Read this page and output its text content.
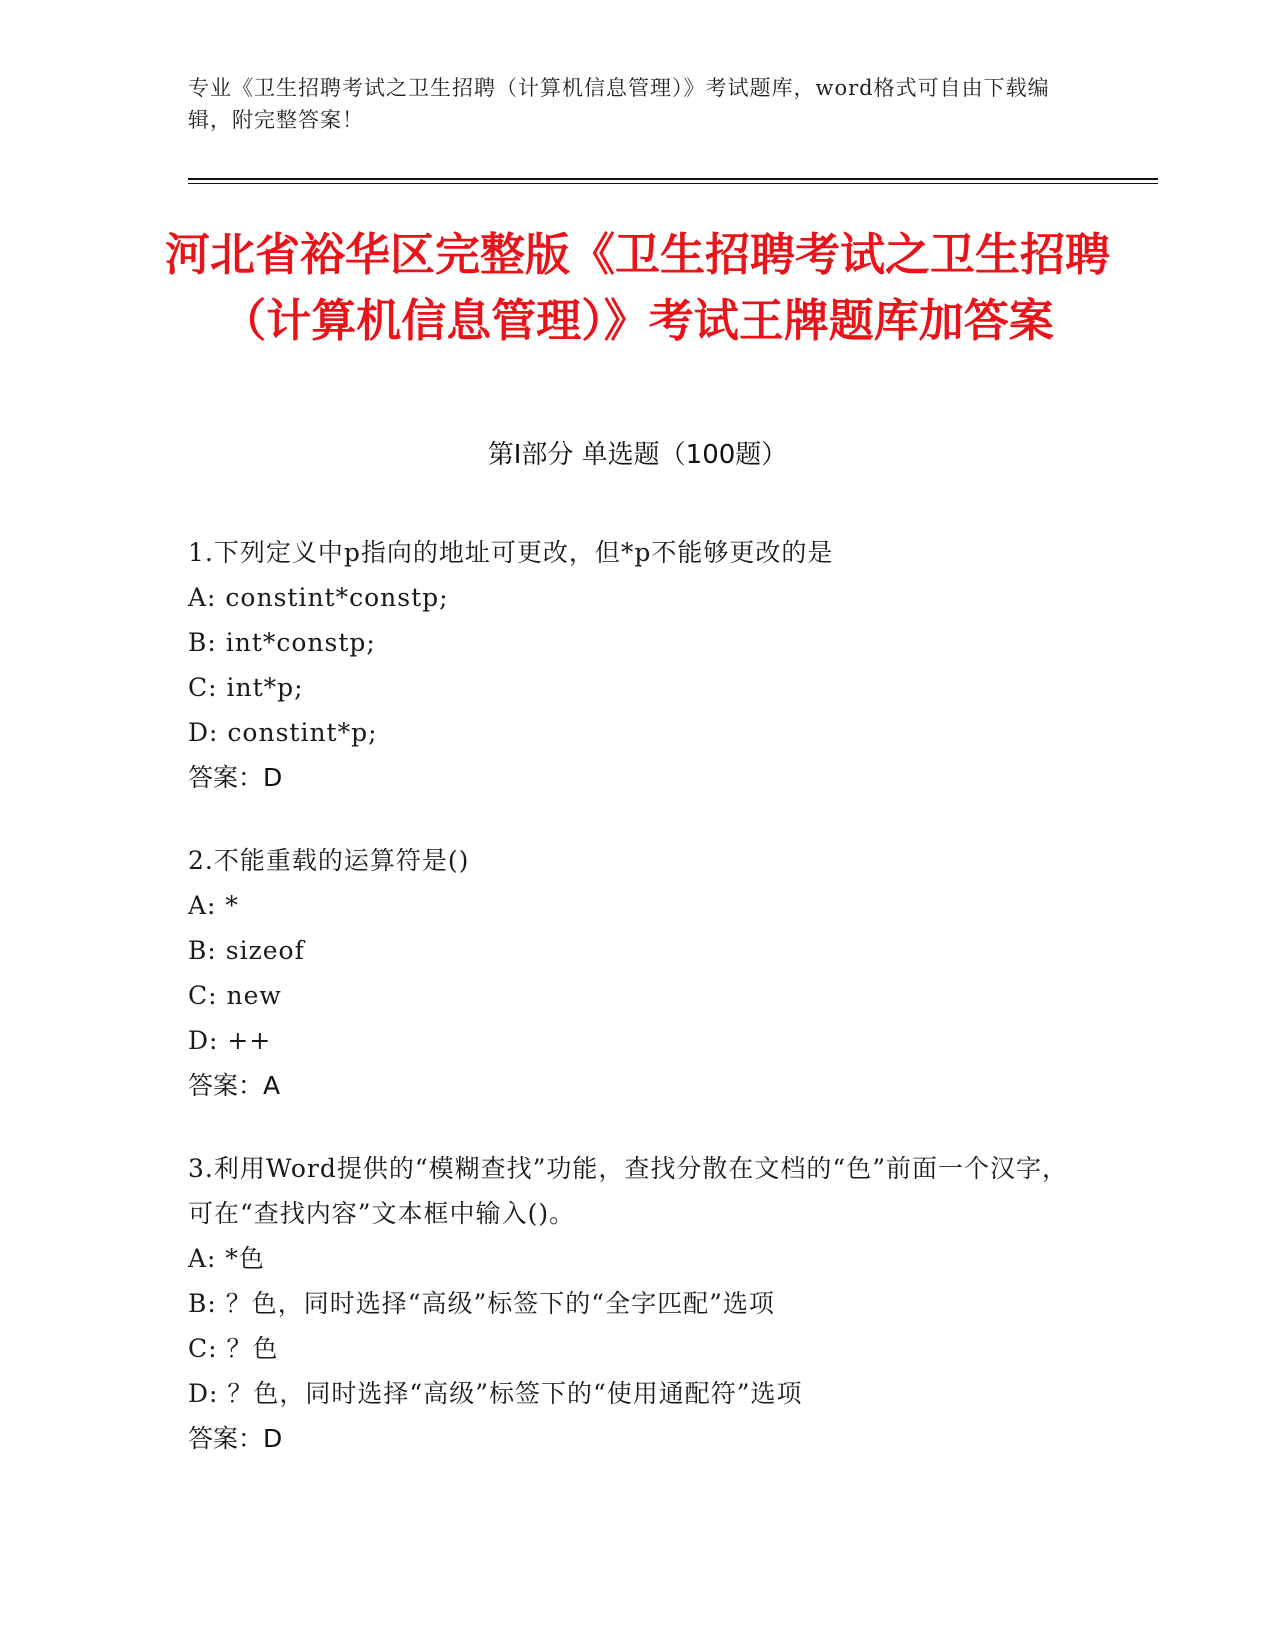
专业《卫生招聘考试之卫生招聘（计算机信息管理）》考试题库，word格式可自由下载编辑，附完整答案！
河北省裕华区完整版《卫生招聘考试之卫生招聘（计算机信息管理）》考试王牌题库加答案
第Ⅰ部分 单选题（100题）
1.下列定义中p指向的地址可更改，但*p不能够更改的是
A: constint*constp;
B: int*constp;
C: int*p;
D: constint*p;
答案：D
2.不能重载的运算符是()
A: *
B: sizeof
C: new
D: ++
答案：A
3.利用Word提供的“模糊查找”功能，查找分散在文档的“色”前面一个汉字，可在“查找内容”文本框中输入()。
A: *色
B: ？色，同时选择“高级”标签下的“全字匹配”选项
C: ？色
D: ？色，同时选择“高级”标签下的“使用通配符”选项
答案：D
